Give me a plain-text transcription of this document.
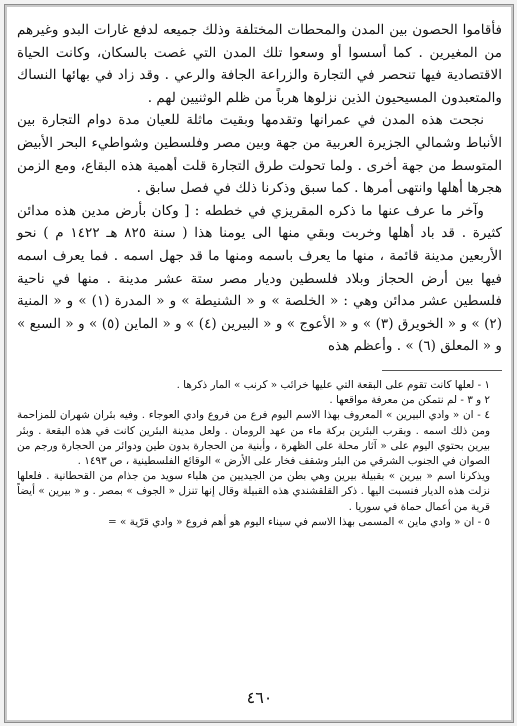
فأقاموا الحصون بين المدن والمحطات المختلفة وذلك جميعه لدفع غارات البدو وغيرهم من المغيرين . كما أسسوا أو وسعوا تلك المدن التي غصت بالسكان، وكانت الحياة الاقتصادية فيها تنحصر في التجارة والزراعة الجافة والرعي . وقد زاد في بهائها النساك والمتعبدون المسيحيون الذين نزلوها هرباً من ظلم الوثنيين لهم .

نجحت هذه المدن في عمرانها وتقدمها وبقيت ماثلة للعيان مدة دوام التجارة بين الأنباط وشمالي الجزيرة العربية من جهة وبين مصر وفلسطين وشواطيء البحر الأبيض المتوسط من جهة أخرى . ولما تحولت طرق التجارة قلت أهمية هذه البقاع، ومع الزمن هجرها أهلها وانتهى أمرها . كما سبق وذكرنا ذلك في فصل سابق .

وآخر ما عرف عنها ما ذكره المقريزي في خططه : [ وكان بأرض مدين هذه مدائن كثيرة . قد باد أهلها وخربت وبقي منها الى يومنا هذا ( سنة ٨٢٥ هـ ١٤٢٢ م ) نحو الأربعين مدينة قائمة ، منها ما يعرف باسمه ومنها ما قد جهل اسمه . فما يعرف اسمه فيها بين أرض الحجاز وبلاد فلسطين وديار مصر ستة عشر مدينة . منها في ناحية فلسطين عشر مدائن وهي : « الخلصة » و « الشنيطة » و « المدرة (١) » و « المنية (٢) » و « الخويرق (٣) » و « الأعوج » و « البيرين (٤) » و « الماين (٥) » و « السبع » و « المعلق (٦) » . وأعظم هذه

١ - لعلها كانت تقوم على البقعة التي عليها خرائب « كرنب » المار ذكرها .

٢ و ٣ - لم نتمكن من معرفة مواقعها .

٤ - ان « وادي البيرين » المعروف بهذا الاسم اليوم فرع من فروع وادي العوجاء . وفيه بئران شهران للمزاحمة ومن ذلك اسمه . وبقرب البئرين بركة ماء من عهد الرومان . ولعل مدينة البئرين كانت في هذه البقعة . وبئر بيرين بحتوي اليوم على « آثار محلة على الظهرة ، وأبنية من الحجارة بدون طين ودوائر من الحجارة ورجم من الصوان في الجنوب الشرقي من البئر وشقف فخار على الأرض » الوقائع الفلسطينية ، ص ١٤٩٣ .

ويذكرنا اسم « بيرين » بقبيلة بيرين وهي بطن من الجيديين من هلباء سويد من جذام من القحطانية . فلعلها نزلت هذه الديار فنسبت اليها . ذكر القلقشندي هذه القبيلة وقال إنها تنزل « الجوف » بمصر . و « بيرين » أيضاً قرية من أعمال حماة في سوريا .

٥ - ان « وادي ماين » المسمى بهذا الاسم في سيناء اليوم هو أهم فروع « وادي قرّية » =

٤٦٠
